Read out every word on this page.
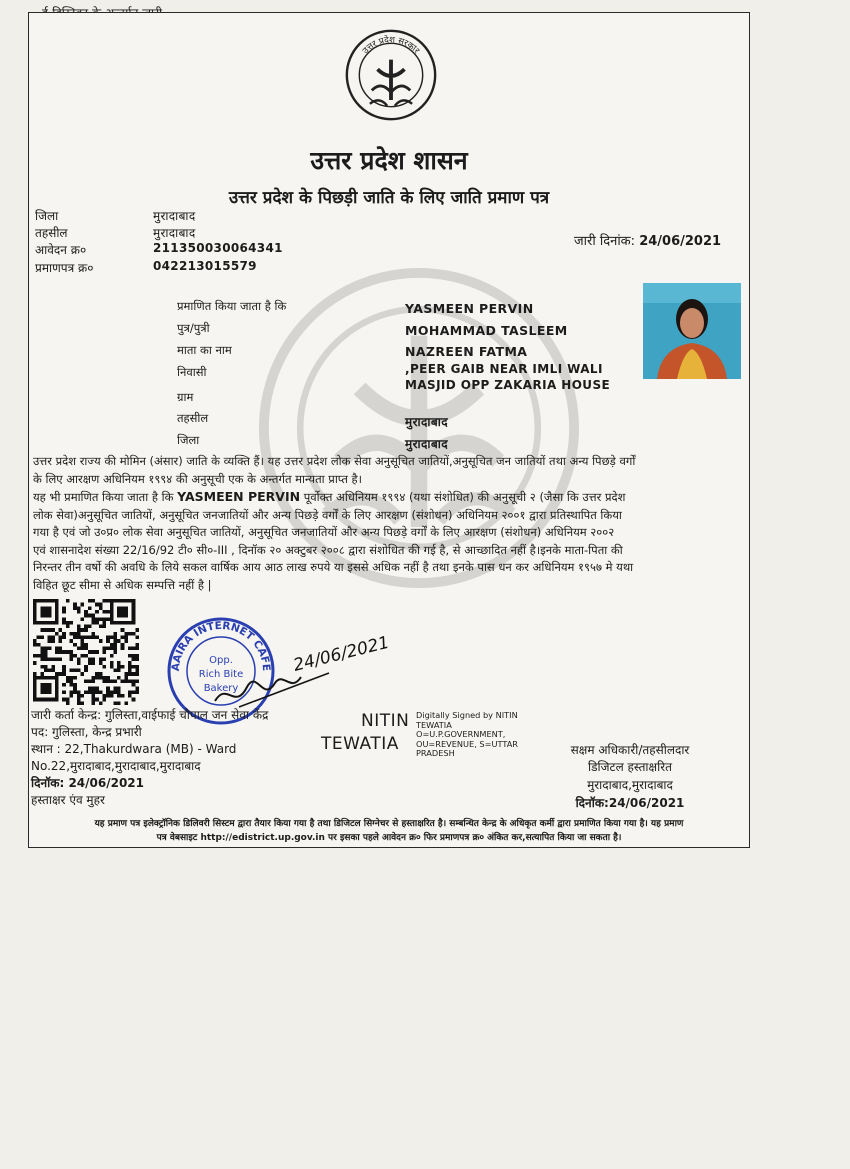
उत्तर प्रदेश सरकार
उत्तर प्रदेश शासन
उत्तर प्रदेश के पिछड़ी जाति के लिए जाति प्रमाण पत्र
जिला	मुरादाबाद
तहसील	मुरादाबाद
आवेदन क्र०	211350030064341
प्रमाणपत्र क्र०	042213015579
जारी दिनांक: 24/06/2021
प्रमाणित किया जाता है कि	YASMEEN PERVIN
पुत्र/पुत्री	MOHAMMAD TASLEEM
माता का नाम	NAZREEN FATMA
निवासी	,PEER GAIB NEAR IMLI WALI
MASJID OPP ZAKARIA HOUSE
ग्राम
तहसील	मुरादाबाद
जिला	मुरादाबाद
उत्तर प्रदेश राज्य की मोमिन (अंसार) जाति के व्यक्ति हैं। यह उत्तर प्रदेश लोक सेवा अनुसूचित जातियों,अनुसूचित जन जातियों तथा अन्य पिछड़े वर्गों
के लिए आरक्षण अधिनियम १९९४ की अनुसूची एक के अन्तर्गत मान्यता प्राप्त है।
यह भी प्रमाणित किया जाता है कि YASMEEN PERVIN पूर्वोक्त अधिनियम १९९४ (यथा संशोधित) की अनुसूची २ (जैसा कि उत्तर प्रदेश
लोक सेवा)अनुसूचित जातियों, अनुसूचित जनजातियों और अन्य पिछड़े वर्गों के लिए आरक्षण (संशोधन) अधिनियम २००१ द्वारा प्रतिस्थापित किया
गया है एवं जो उ०प्र० लोक सेवा अनुसूचित जातियों, अनुसूचित जनजातियों और अन्य पिछड़े वर्गों के लिए आरक्षण (संशोधन) अधिनियम २००२
एवं शासनादेश संख्या 22/16/92 टी० सी०-III , दिनॉक २० अक्टुबर २००८ द्वारा संशोधित की गई है, से आच्छादित नहीं है।इनके माता-पिता की
निरन्तर तीन वर्षो की अवधि के लिये सकल वार्षिक आय आठ लाख रुपये या इससे अधिक नहीं है तथा इनके पास धन कर अधिनियम १९५७ मे यथा
विहित छूट सीमा से अधिक सम्पत्ति नहीं है |
AAIRA INTERNET CAFE
Opp.
Rich Bite
Bakery
24/06/2021
जारी कर्ता केन्द्र: गुलिस्ता,वाईफाई चौपाल जन सेवा केंद्र
पद: गुलिस्ता, केन्द्र प्रभारी
स्थान : 22,Thakurdwara (MB) - Ward
No.22,मुरादाबाद,मुरादाबाद,मुरादाबाद
दिनॉक: 24/06/2021
हस्ताक्षर एंव मुहर
NITIN
TEWATIA
Digitally Signed by NITIN
TEWATIA
O=U.P.GOVERNMENT,
OU=REVENUE, S=UTTAR
PRADESH	सक्षम अधिकारी/तहसीलदार
डिजिटल हस्ताक्षरित
मुरादाबाद,मुरादाबाद
दिनॉक:24/06/2021
यह प्रमाण पत्र इलेक्ट्रॉनिक डिलिवरी सिस्टम द्वारा तैयार किया गया है तथा डिजिटल सिग्नेचर से हस्ताक्षरित है। सम्बन्धित केन्द्र के अधिकृत कर्मी द्वारा प्रमाणित किया गया है। यह प्रमाण
पत्र वेबसाइट http://edistrict.up.gov.in पर इसका पहले आवेदन क्र० फिर प्रमाणपत्र क्र० अंकित कर,सत्यापित किया जा सकता है।
